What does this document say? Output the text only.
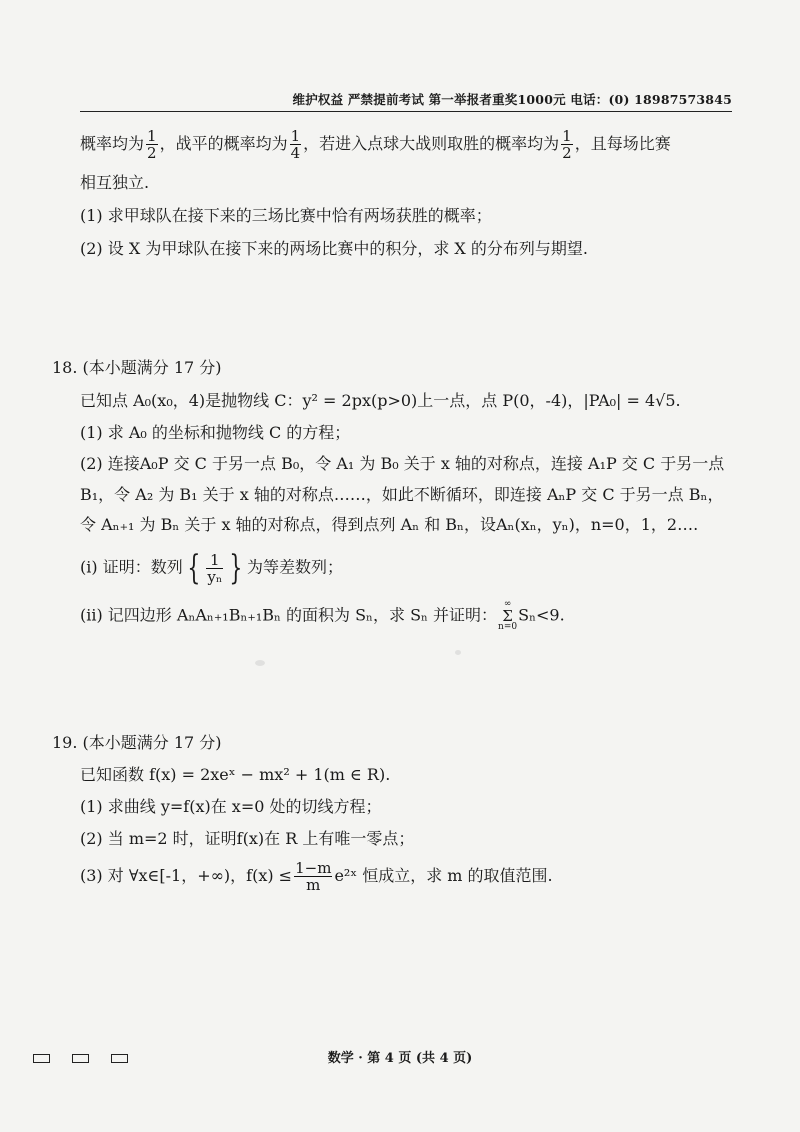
维护权益 严禁提前考试 第一举报者重奖1000元 电话：(0) 18987573845
概率均为 $\frac{1}{2}$ ，战平的概率均为 $\frac{1}{4}$ ，若进入点球大战则取胜的概率均为 $\frac{1}{2}$ ，且每场比赛
相互独立.
(1) 求甲球队在接下来的三场比赛中恰有两场获胜的概率；
(2) 设 X 为甲球队在接下来的两场比赛中的积分，求 X 的分布列与期望.
18. (本小题满分 17 分)
已知点 A₀(x₀，4)是抛物线 C：y² = 2px(p>0)上一点，点 P(0，-4)，|PA₀| = 4√5.
(1) 求 A₀ 的坐标和抛物线 C 的方程；
(2) 连接A₀P 交 C 于另一点 B₀，令 A₁ 为 B₀ 关于 x 轴的对称点，连接 A₁P 交 C 于另一点
B₁，令 A₂ 为 B₁ 关于 x 轴的对称点……，如此不断循环，即连接 AₙP 交 C 于另一点 Bₙ，
令 Aₙ₊₁ 为 Bₙ 关于 x 轴的对称点，得到点列 Aₙ 和 Bₙ，设Aₙ(xₙ，yₙ)，n=0，1，2….
(ⅰ) 证明：数列 { $\frac{1}{\text{yₙ}}$ } 为等差数列；
(ⅱ) 记四边形 AₙAₙ₊₁Bₙ₊₁Bₙ 的面积为 Sₙ，求 Sₙ 并证明：∞
Σ
n=0Sₙ<9.
19. (本小题满分 17 分)
已知函数 f(x) = 2xeˣ − mx² + 1(m ∈ R).
(1) 求曲线 y=f(x)在 x=0 处的切线方程；
(2) 当 m=2 时，证明f(x)在 R 上有唯一零点；
(3) 对 ∀x∈[-1，+∞)，$f(x) \le \frac{1-m}{m}$ e²ˣ 恒成立，求 m 的取值范围.
数学 · 第 4 页 (共 4 页)
